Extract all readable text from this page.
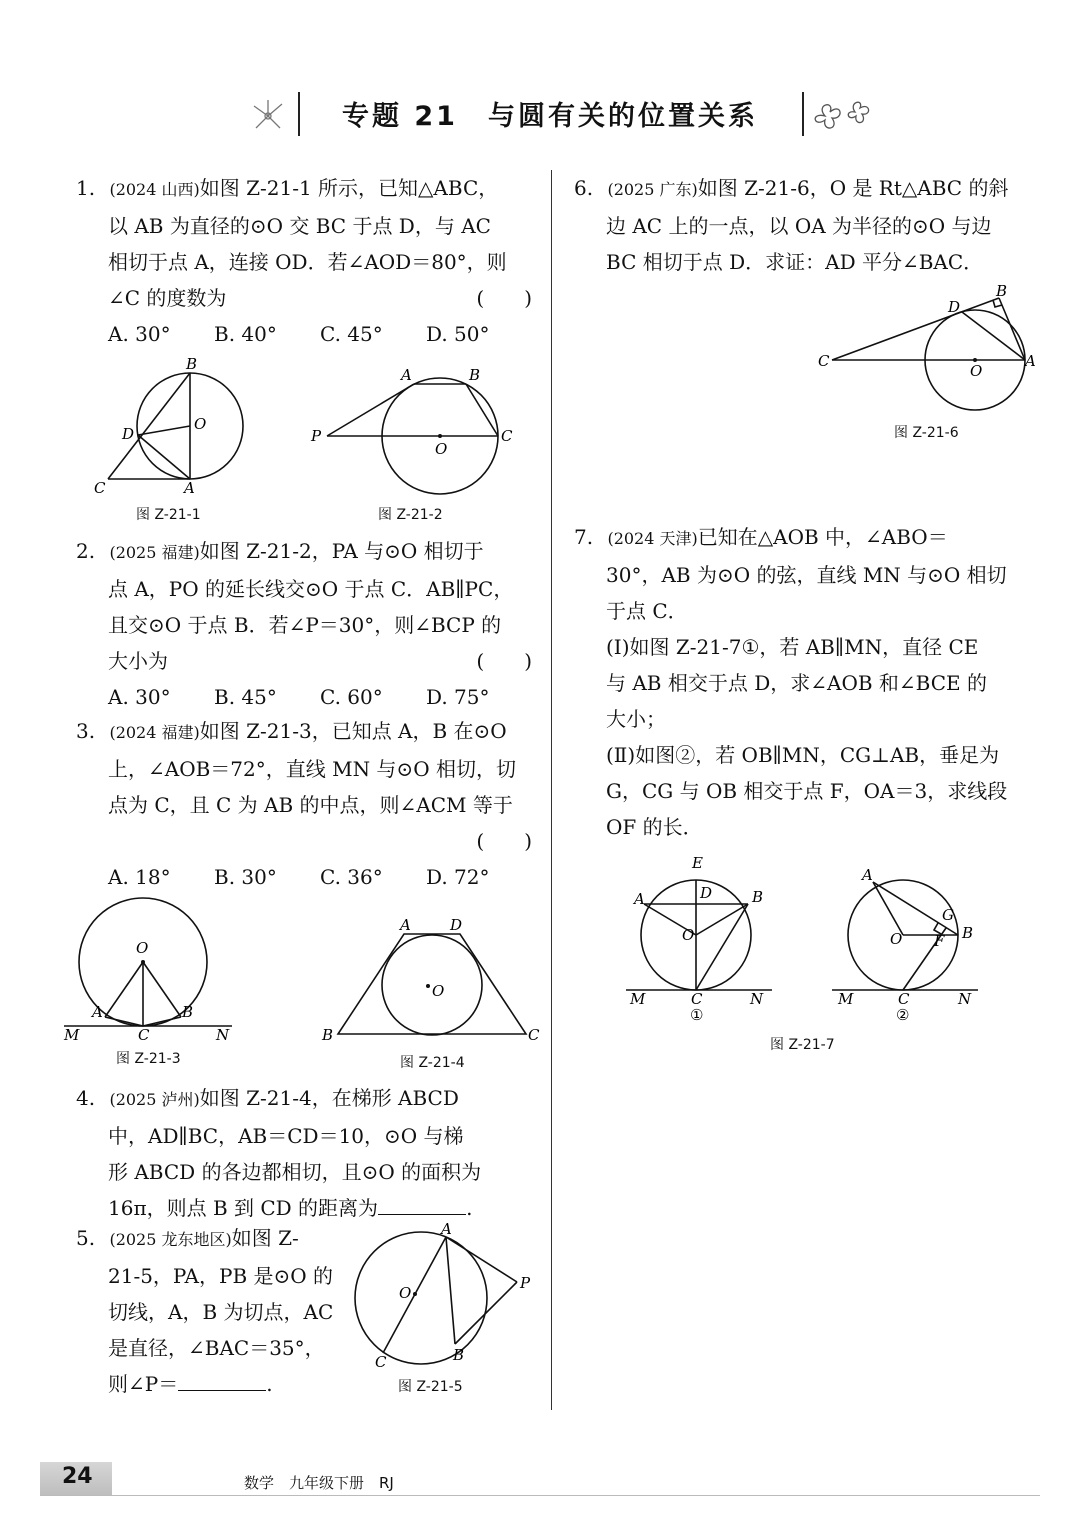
专题 21　与圆有关的位置关系
1. (2024 山西)如图 Z-21-1 所示，已知△ABC，
以 AB 为直径的⊙O 交 BC 于点 D，与 AC
相切于点 A，连接 OD．若∠AOD＝80°，则
∠C 的度数为	(　　)
A. 30°	B. 40°	C. 45°	D. 50°
B
D
O
C	A
图 Z-21-1
A	B
P
O
C
图 Z-21-2
2. (2025 福建)如图 Z-21-2，PA 与⊙O 相切于
点 A，PO 的延长线交⊙O 于点 C．AB∥PC，
且交⊙O 于点 B．若∠P＝30°，则∠BCP 的
大小为	(　　)
A. 30°	B. 45°	C. 60°	D. 75°
3. (2024 福建)如图 Z-21-3，已知点 A，B 在⊙O
上，∠AOB＝72°，直线 MN 与⊙O 相切，切
点为 C，且 C 为 AB 的中点，则∠ACM 等于
(　　)
A. 18°	B. 30°	C. 36°	D. 72°
O
A	B
M	C	N
图 Z-21-3
A	D
O
B	C
图 Z-21-4
4. (2025 泸州)如图 Z-21-4，在梯形 ABCD
中，AD∥BC，AB＝CD＝10，⊙O 与梯
形 ABCD 的各边都相切，且⊙O 的面积为
16π，则点 B 到 CD 的距离为	.
5. (2025 龙东地区)如图 Z-
21-5，PA，PB 是⊙O 的
切线，A，B 为切点，AC
是直径，∠BAC＝35°，
则∠P＝	.
A
O
P
C	B
图 Z-21-5
6. (2025 广东)如图 Z-21-6，O 是 Rt△ABC 的斜
边 AC 上的一点，以 OA 为半径的⊙O 与边
BC 相切于点 D．求证：AD 平分∠BAC．
D
B
C
O
A
图 Z-21-6
7. (2024 天津)已知在△AOB 中，∠ABO＝
30°，AB 为⊙O 的弦，直线 MN 与⊙O 相切
于点 C．
(Ⅰ)如图 Z-21-7①，若 AB∥MN，直径 CE
与 AB 相交于点 D，求∠AOB 和∠BCE 的
大小；
(Ⅱ)如图②，若 OB∥MN，CG⊥AB，垂足为
G，CG 与 OB 相交于点 F，OA＝3，求线段
OF 的长．
E
D
A	B
O
M	C	N
①
A
G
O F B
M	C	N
②
图 Z-21-7
24	数学　九年级下册　RJ
